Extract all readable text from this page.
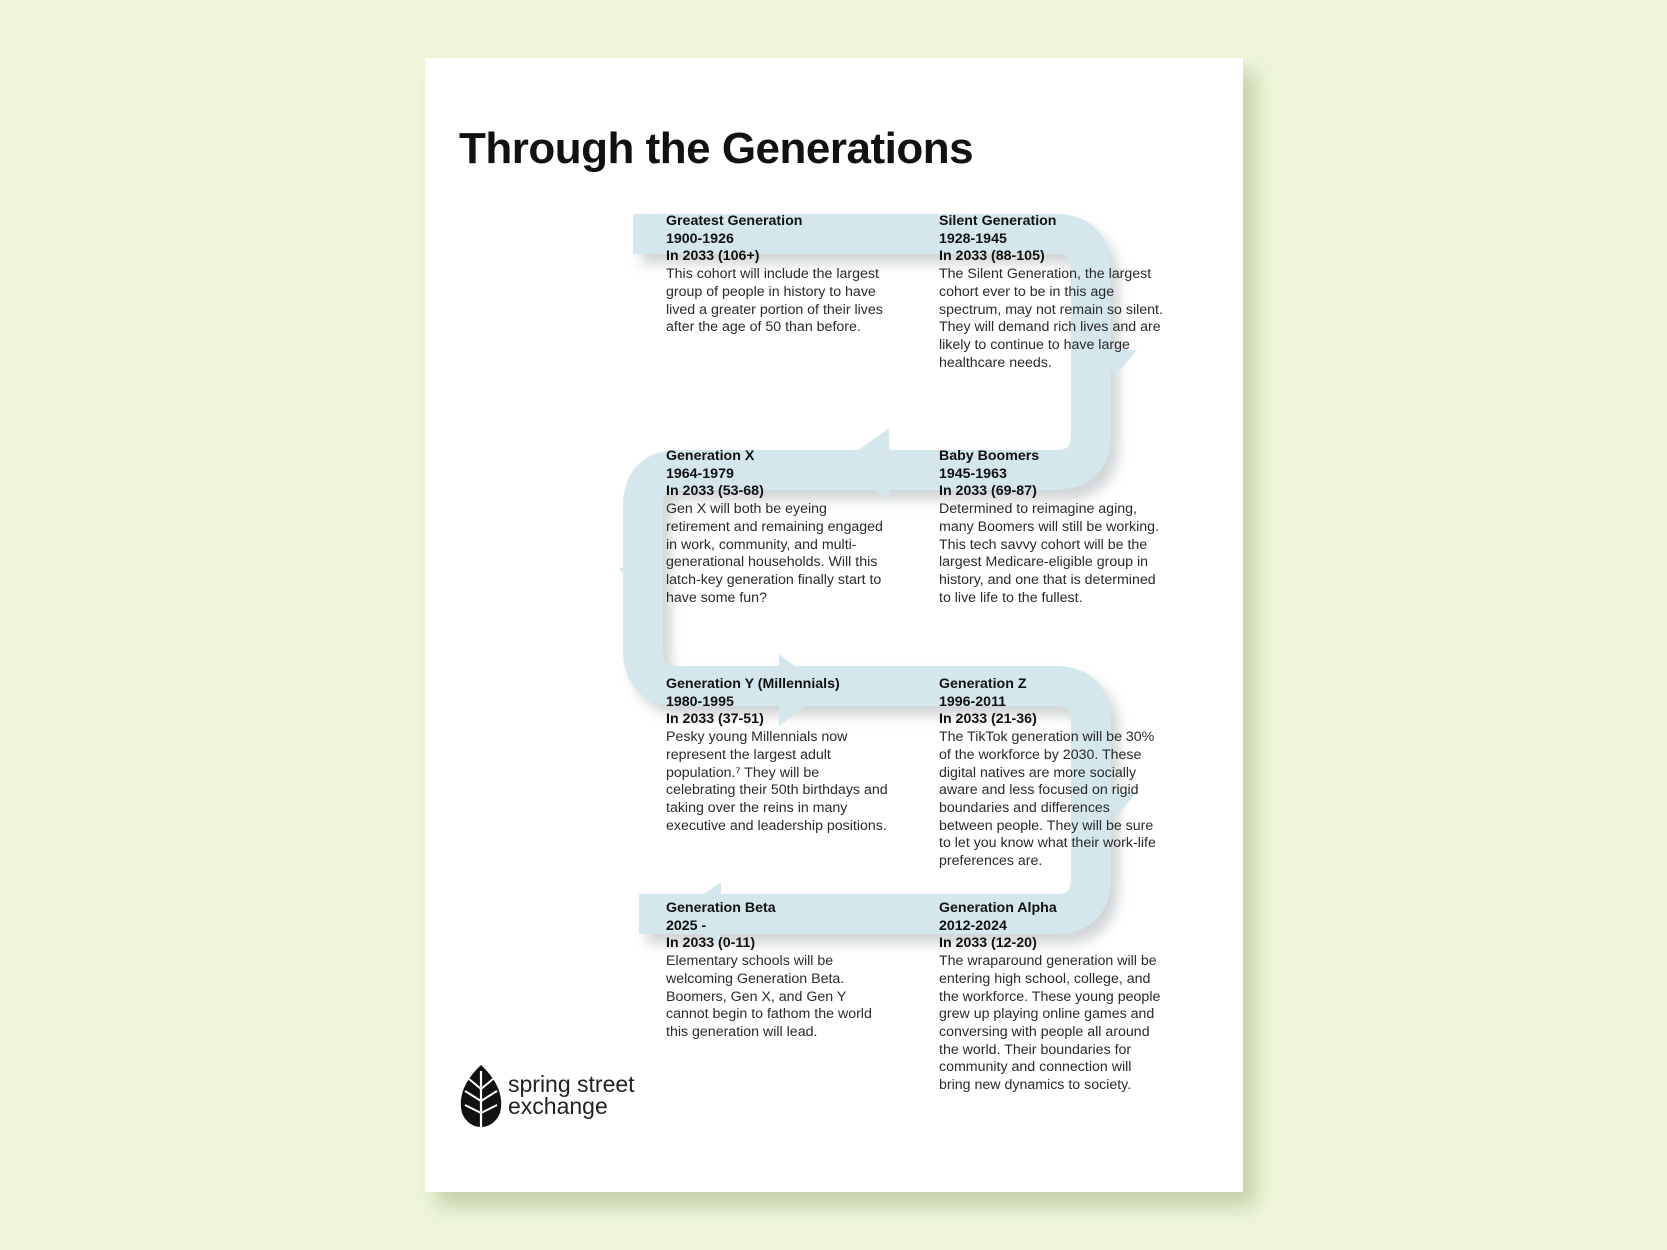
Through the Generations
Greatest Generation
1900-1926
In 2033 (106+)
This cohort will include the largest group of people in history to have lived a greater portion of their lives after the age of 50 than before.
Silent Generation
1928-1945
In 2033 (88-105)
The Silent Generation, the largest cohort ever to be in this age spectrum, may not remain so silent. They will demand rich lives and are likely to continue to have large healthcare needs.
Generation X
1964-1979
In 2033 (53-68)
Gen X will both be eyeing retirement and remaining engaged in work, community, and multi-generational households. Will this latch-key generation finally start to have some fun?
Baby Boomers
1945-1963
In 2033 (69-87)
Determined to reimagine aging, many Boomers will still be working. This tech savvy cohort will be the largest Medicare-eligible group in history, and one that is determined to live life to the fullest.
Generation Y (Millennials)
1980-1995
In 2033 (37-51)
Pesky young Millennials now represent the largest adult population.⁷ They will be celebrating their 50th birthdays and taking over the reins in many executive and leadership positions.
Generation Z
1996-2011
In 2033 (21-36)
The TikTok generation will be 30% of the workforce by 2030. These digital natives are more socially aware and less focused on rigid boundaries and differences between people. They will be sure to let you know what their work-life preferences are.
Generation Beta
2025 -
In 2033 (0-11)
Elementary schools will be welcoming Generation Beta. Boomers, Gen X, and Gen Y cannot begin to fathom the world this generation will lead.
Generation Alpha
2012-2024
In 2033 (12-20)
The wraparound generation will be entering high school, college, and the workforce. These young people grew up playing online games and conversing with people all around the world. Their boundaries for community and connection will bring new dynamics to society.
spring street
exchange
